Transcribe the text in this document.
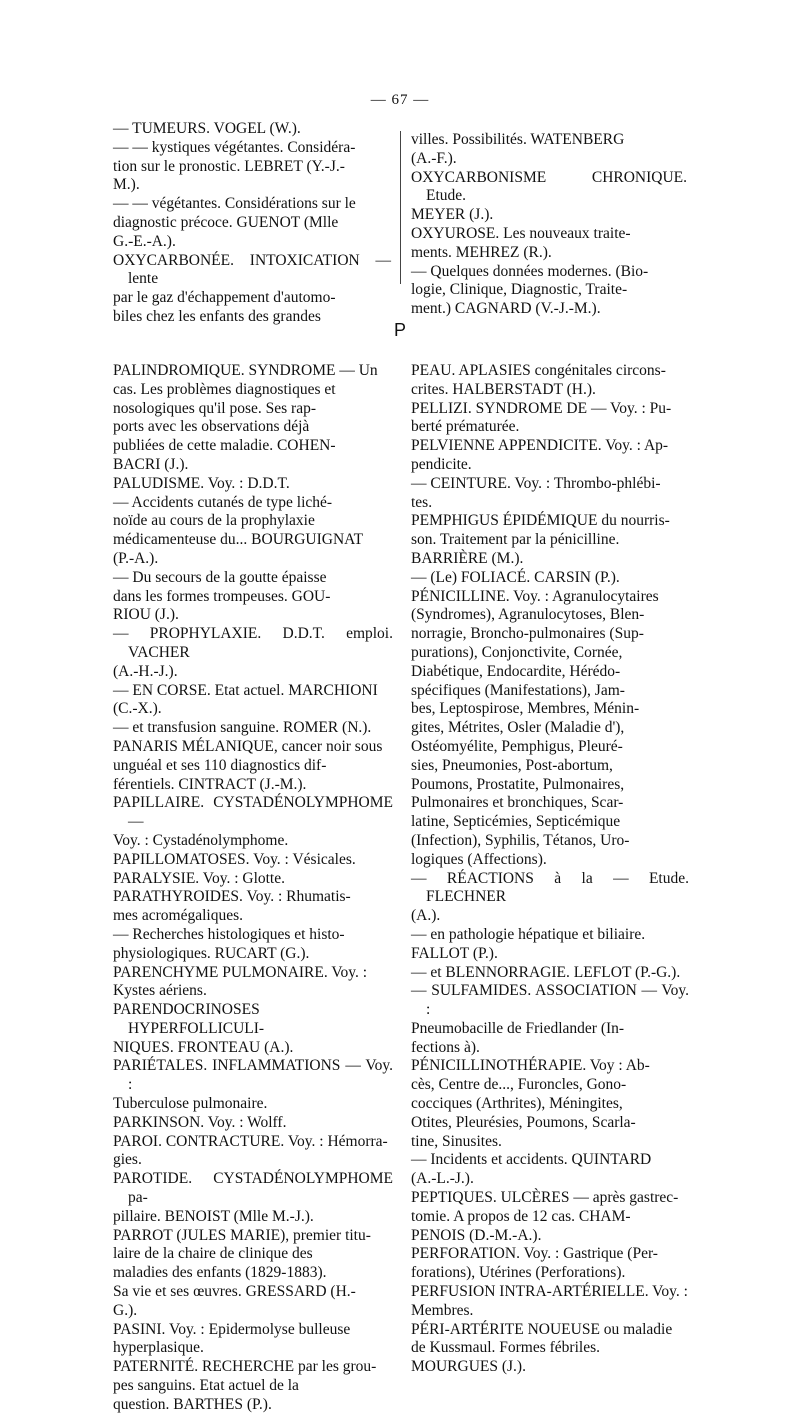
— 67 —

— TUMEURS. VOGEL (W.).
— — kystiques végétantes. Considéra-
tion sur le pronostic. LEBRET (Y.-J.-
M.).

— — végétantes. Considérations sur le
diagnostic précoce. GUENOT (Mlle
G.-E.-A.).

OXYCARBONÉE. INTOXICATION — lente
par le gaz d'échappement d'automo-
biles chez les enfants des grandes

villes. Possibilités. WATENBERG
(A.-F.).

OXYCARBONISME CHRONIQUE. Etude.
MEYER (J.).

OXYUROSE. Les nouveaux traite-
ments. MEHREZ (R.).

— Quelques données modernes. (Bio-
logie, Clinique, Diagnostic, Traite-
ment.) CAGNARD (V.-J.-M.).

P

PALINDROMIQUE. SYNDROME — Un
cas. Les problèmes diagnostiques et
nosologiques qu'il pose. Ses rap-
ports avec les observations déjà
publiées de cette maladie. COHEN-
BACRI (J.).

PALUDISME. Voy. : D.D.T.

— Accidents cutanés de type liché-
noïde au cours de la prophylaxie
médicamenteuse du... BOURGUIGNAT
(P.-A.).

— Du secours de la goutte épaisse
dans les formes trompeuses. GOU-
RIOU (J.).

— PROPHYLAXIE. D.D.T. emploi. VACHER
(A.-H.-J.).

— EN CORSE. Etat actuel. MARCHIONI
(C.-X.).

— et transfusion sanguine. ROMER (N.).

PANARIS MÉLANIQUE, cancer noir sous
unguéal et ses 110 diagnostics dif-
férentiels. CINTRACT (J.-M.).

PAPILLAIRE. CYSTADÉNOLYMPHOME —
Voy. : Cystadénolymphome.

PAPILLOMATOSES. Voy. : Vésicales.

PARALYSIE. Voy. : Glotte.

PARATHYROIDES. Voy. : Rhumatis-
mes acromégaliques.

— Recherches histologiques et histo-
physiologiques. RUCART (G.).

PARENCHYME PULMONAIRE. Voy. :
Kystes aériens.

PARENDOCRINOSES HYPERFOLLICULI-
NIQUES. FRONTEAU (A.).

PARIÉTALES. INFLAMMATIONS — Voy. :
Tuberculose pulmonaire.

PARKINSON. Voy. : Wolff.

PAROI. CONTRACTURE. Voy. : Hémorra-
gies.

PAROTIDE. CYSTADÉNOLYMPHOME pa-
pillaire. BENOIST (Mlle M.-J.).

PARROT (JULES MARIE), premier titu-
laire de la chaire de clinique des
maladies des enfants (1829-1883).
Sa vie et ses œuvres. GRESSARD (H.-
G.).

PASINI. Voy. : Epidermolyse bulleuse
hyperplasique.

PATERNITÉ. RECHERCHE par les grou-
pes sanguins. Etat actuel de la
question. BARTHES (P.).

PEAU. APLASIES congénitales circons-
crites. HALBERSTADT (H.).

PELLIZI. SYNDROME DE — Voy. : Pu-
berté prématurée.

PELVIENNE APPENDICITE. Voy. : Ap-
pendicite.

— CEINTURE. Voy. : Thrombo-phlébi-
tes.

PEMPHIGUS ÉPIDÉMIQUE du nourris-
son. Traitement par la pénicilline.
BARRIÈRE (M.).

— (Le) FOLIACÉ. CARSIN (P.).

PÉNICILLINE. Voy. : Agranulocytaires
(Syndromes), Agranulocytoses, Blen-
norragie, Broncho-pulmonaires (Sup-
purations), Conjonctivite, Cornée,
Diabétique, Endocardite, Hérédo-
spécifiques (Manifestations), Jam-
bes, Leptospirose, Membres, Ménin-
gites, Métrites, Osler (Maladie d'),
Ostéomyélite, Pemphigus, Pleuré-
sies, Pneumonies, Post-abortum,
Poumons, Prostatite, Pulmonaires,
Pulmonaires et bronchiques, Scar-
latine, Septicémies, Septicémique
(Infection), Syphilis, Tétanos, Uro-
logiques (Affections).

— RÉACTIONS à la — Etude. FLECHNER
(A.).

— en pathologie hépatique et biliaire.
FALLOT (P.).

— et BLENNORRAGIE. LEFLOT (P.-G.).

— SULFAMIDES. ASSOCIATION — Voy. :
Pneumobacille de Friedlander (In-
fections à).

PÉNICILLINOTHÉRAPIE. Voy : Ab-
cès, Centre de..., Furoncles, Gono-
cocciques (Arthrites), Méningites,
Otites, Pleurésies, Poumons, Scarla-
tine, Sinusites.

— Incidents et accidents. QUINTARD
(A.-L.-J.).

PEPTIQUES. ULCÈRES — après gastrec-
tomie. A propos de 12 cas. CHAM-
PENOIS (D.-M.-A.).

PERFORATION. Voy. : Gastrique (Per-
forations), Utérines (Perforations).

PERFUSION INTRA-ARTÉRIELLE. Voy. :
Membres.

PÉRI-ARTÉRITE NOUEUSE ou maladie
de Kussmaul. Formes fébriles.
MOURGUES (J.).
